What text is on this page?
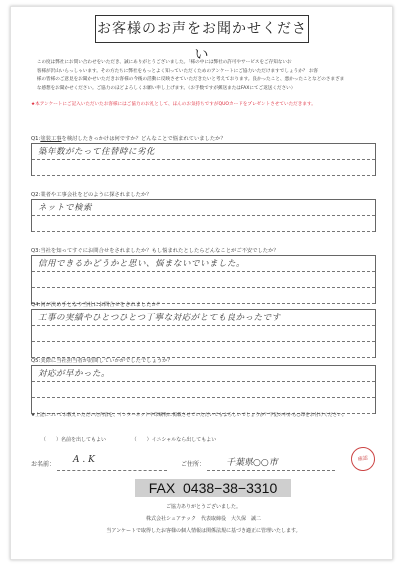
お客様のお声をお聞かせください

この度は弊社にお問い合わせをいただき、誠にありがとうございました。「様の中には弊社の許可やサービスをご存知ないお
客様が沢山いらっしゃいます。その方たちに弊社をもっとよく知っていただくためのアンケートにご協力いただけますでしょうか？ お客
様の皆様のご意見をお聞かせいただきお客様の今後の活動に反映させていただきたいと考えております。良かったこと、悪かったことなどのさまざま
な感想をお聞かせください。ご協力のほどよろしくお願い申し上げます。（お手数ですが郵送またはFAXにてご返送ください）

★本アンケートにご記入いただいたお客様にはご協力のお礼として、ほんのお気持ちですがQUOカードをプレゼントさせていただきます。

Q1:塗装工事を検討したきっかけは何ですか？どんなことで悩まれていましたか？
築年数がたって住替時に劣化
Q2:業者や工事会社をどのように探されましたか？
ネットで検索
Q3:当社を知ってすぐにお問合せをされましたか？もし悩まれたとしたらどんなことがご不安でしたか？
信用できるかどうかと思い、悩まないでいました。
Q4:何が決め手となり当社にお問合せをされましたか？
工事の実績やひとつひとつ丁寧な対応がとても良かったです
Q5:実際に当社担当者が訪問していかがでしたでしょうか？
対応が早かった。
★上記についてお教えいただいた内容を、インターネットや印刷物に掲載させていただいてもよろしいでしょうか？下記の中から○印をお付けください。
（　　）名前を出してもよい	（　　）イニシャルなら出してもよい
お名前： A . K	ご住所： 千葉県○○市	確認
FAX 0438−38−3310
ご協力ありがとうございました。
株式会社シュアテック　代表取締役　大久保　誠二
当アンケートで取得したお客様の個人情報は関係法規に基づき適正に管理いたします。
